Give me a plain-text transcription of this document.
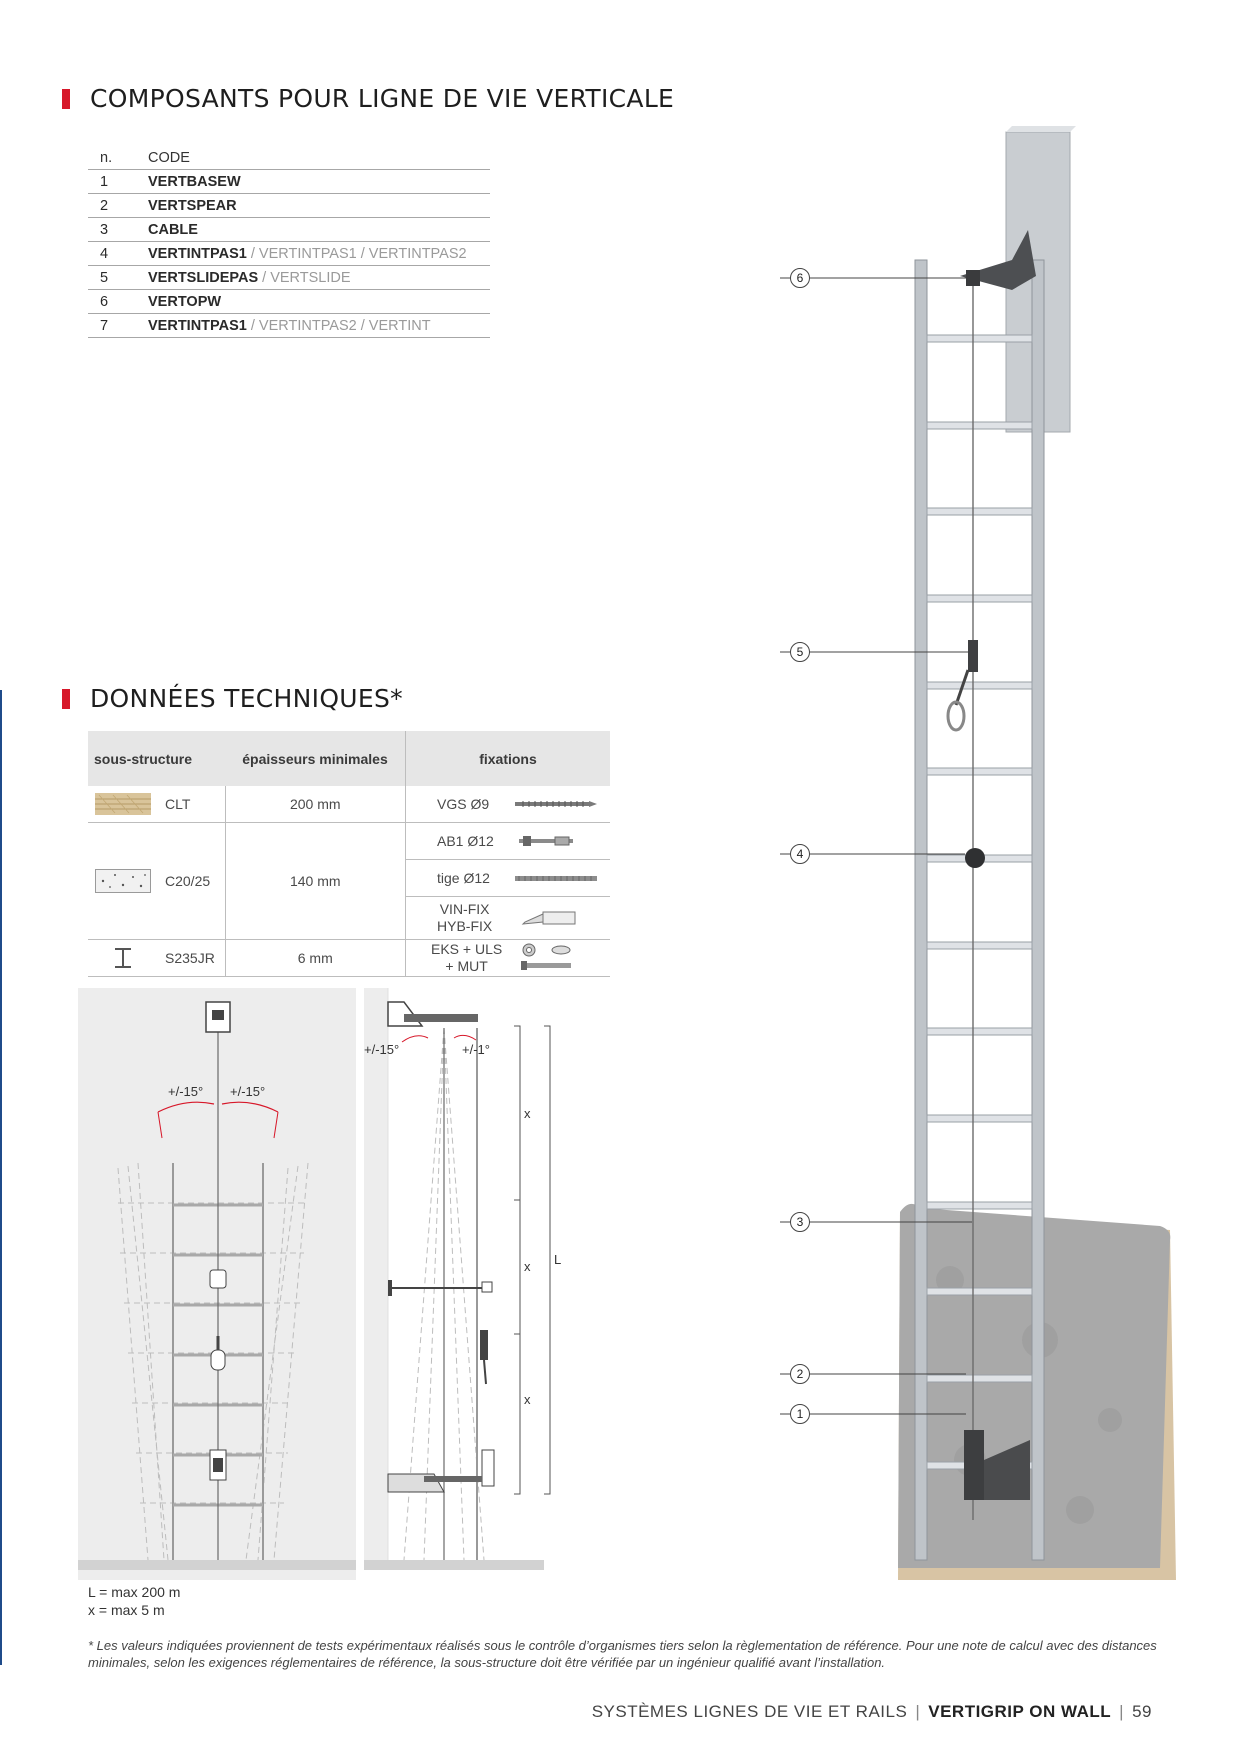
COMPOSANTS POUR LIGNE DE VIE VERTICALE
n.	CODE
1	VERTBASEW
2	VERTSPEAR
3	CABLE
4	VERTINTPAS1 / VERTINTPAS1 / VERTINTPAS2
5	VERTSLIDEPAS / VERTSLIDE
6	VERTOPW
7	VERTINTPAS1 / VERTINTPAS2 / VERTINT
DONNÉES TECHNIQUES*
sous-structure	épaisseurs minimales	fixations

CLT	200 mm	VGS Ø9

C20/25	140 mm	AB1 Ø12

		tige Ø12

		VIN-FIX
HYB-FIX

S235JR	6 mm	EKS + ULS
+ MUT
+/-15° +/-15°
+/-15°	+/-1°
x
x
x
L
6
5
4
3
2
1
L = max 200 m
x = max 5 m
* Les valeurs indiquées proviennent de tests expérimentaux réalisés sous le contrôle d’organismes tiers selon la règlementation de référence. Pour une note de calcul avec des distances minimales, selon les exigences réglementaires de référence, la sous-structure doit être vérifiée par un ingénieur qualifié avant l’installation.
SYSTÈMES LIGNES DE VIE ET RAILS | VERTIGRIP ON WALL | 59
